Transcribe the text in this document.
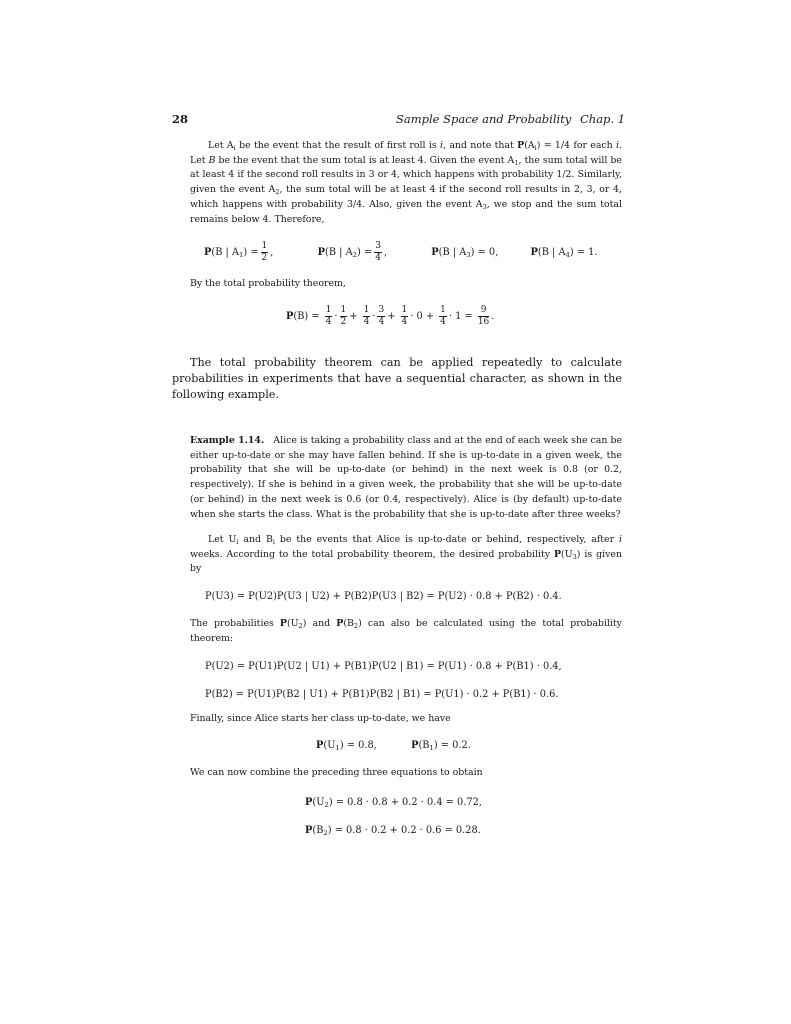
28	Sample Space and Probability Chap. 1
Let $A_i$ be the event that the result of first roll is i, and note that $P(A_i) = 1/4$ for each i. Let B be the event that the sum total is at least 4. Given the event $A_1$, the sum total will be at least 4 if the second roll results in 3 or 4, which happens with probability 1/2. Similarly, given the event $A_2$, the sum total will be at least 4 if the second roll results in 2, 3, or 4, which happens with probability 3/4. Also, given the event $A_3$, we stop and the sum total remains below 4. Therefore,
P(B | $A_1) = \frac{1}{2}$ ,	P(B | $A_2) = \frac{3}{4}$ ,	P(B | $A_3) = 0$,	P(B | $A_4) = 1$.
By the total probability theorem,
$P(B) = \frac{1}{4} \cdot \frac{1}{2} + \frac{1}{4} \cdot \frac{3}{4} + \frac{1}{4} \cdot 0 + \frac{1}{4} \cdot 1 = \frac{9}{16}$ .
The total probability theorem can be applied repeatedly to calculate probabilities in experiments that have a sequential character, as shown in the following example.
Example 1.14. Alice is taking a probability class and at the end of each week she can be either up-to-date or she may have fallen behind. If she is up-to-date in a given week, the probability that she will be up-to-date (or behind) in the next week is 0.8 (or 0.2, respectively). If she is behind in a given week, the probability that she will be up-to-date (or behind) in the next week is 0.6 (or 0.4, respectively). Alice is (by default) up-to-date when she starts the class. What is the probability that she is up-to-date after three weeks?
Let $U_i$ and $B_i$ be the events that Alice is up-to-date or behind, respectively, after i weeks. According to the total probability theorem, the desired probability $P(U_3)$ is given by
P(U3) = P(U2)P(U3 | U2) + P(B2)P(U3 | B2) = P(U2) · 0.8 + P(B2) · 0.4.
The probabilities $P(U_2)$ and $P(B_2)$ can also be calculated using the total probability theorem:
P(U2) = P(U1)P(U2 | U1) + P(B1)P(U2 | B1) = P(U1) · 0.8 + P(B1) · 0.4,
P(B2) = P(U1)P(B2 | U1) + P(B1)P(B2 | B1) = P(U1) · 0.2 + P(B1) · 0.6.
Finally, since Alice starts her class up-to-date, we have
$P(U_1) = 0.8$,	$P(B_1) = 0.2$.
We can now combine the preceding three equations to obtain
$P(U_2) = 0.8 \cdot 0.8 + 0.2 \cdot 0.4 = 0.72$,
$P(B_2) = 0.8 \cdot 0.2 + 0.2 \cdot 0.6 = 0.28$.
